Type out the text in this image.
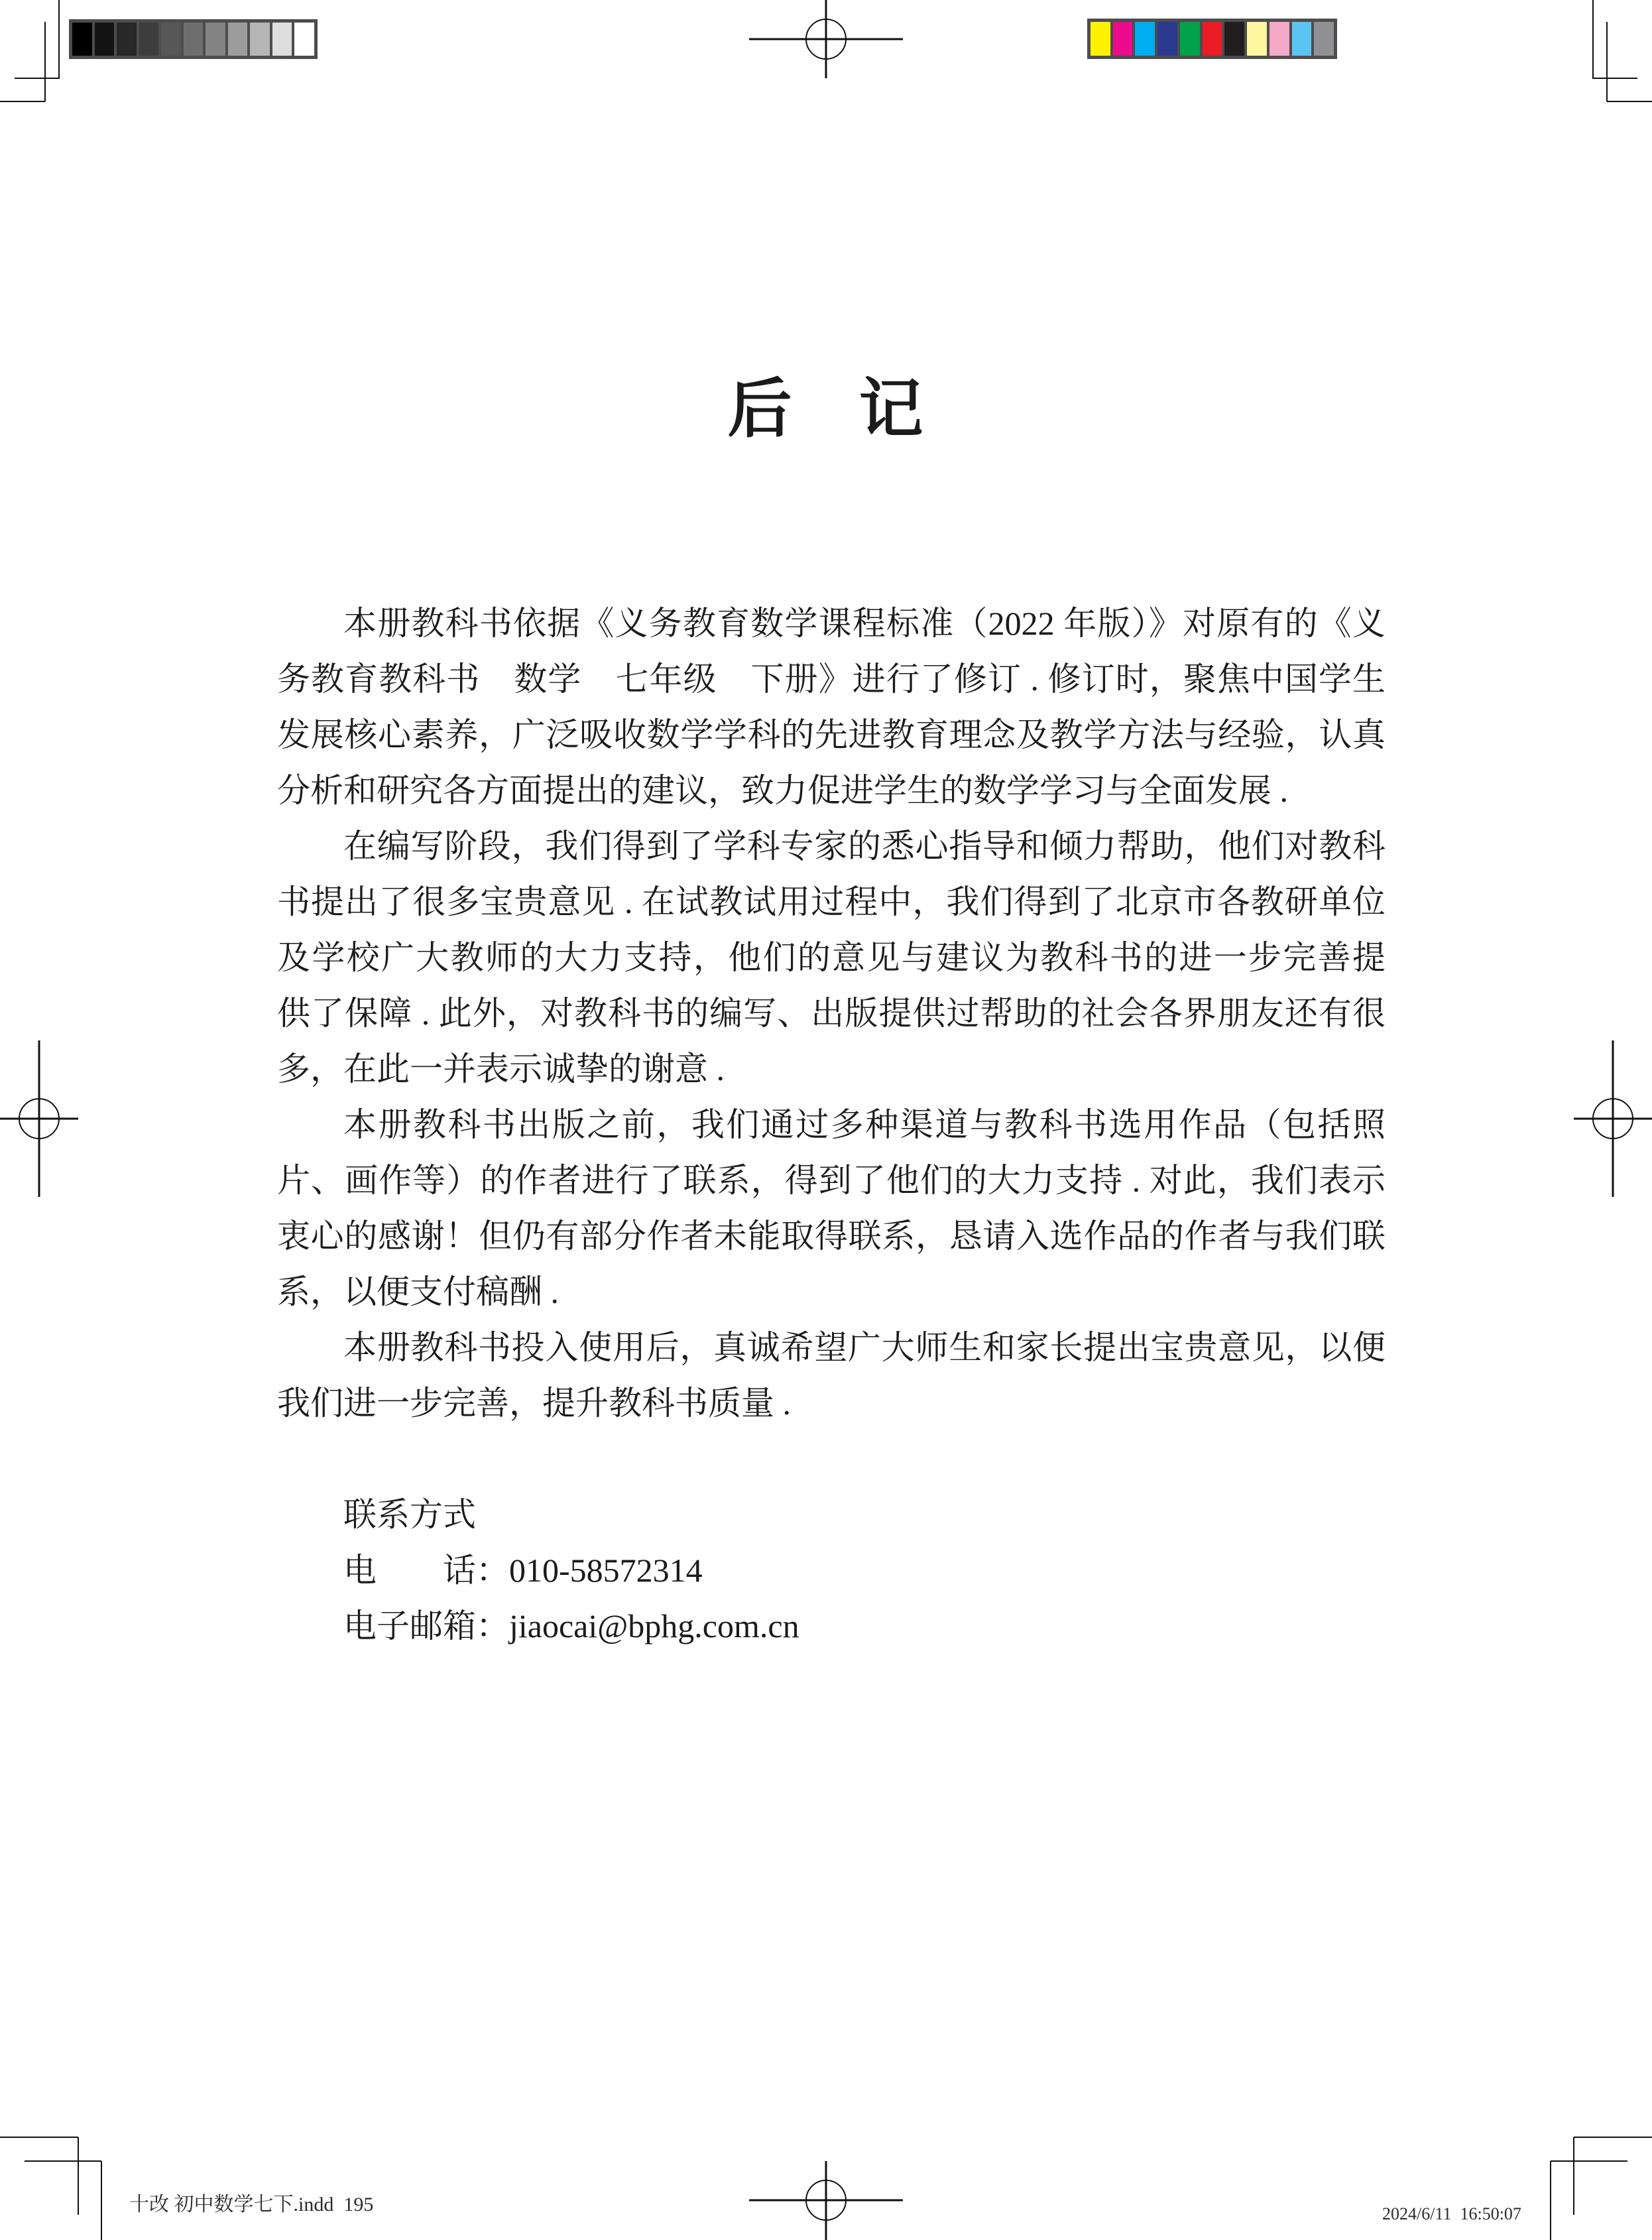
后　记
本册教科书依据《义务教育数学课程标准（2022 年版）》对原有的《义
务教育教科书　数学　七年级　下册》进行了修订 . 修订时，聚焦中国学生
发展核心素养，广泛吸收数学学科的先进教育理念及教学方法与经验，认真
分析和研究各方面提出的建议，致力促进学生的数学学习与全面发展 .
在编写阶段，我们得到了学科专家的悉心指导和倾力帮助，他们对教科
书提出了很多宝贵意见 . 在试教试用过程中，我们得到了北京市各教研单位
及学校广大教师的大力支持，他们的意见与建议为教科书的进一步完善提
供了保障 . 此外，对教科书的编写、出版提供过帮助的社会各界朋友还有很
多，在此一并表示诚挚的谢意 .
本册教科书出版之前，我们通过多种渠道与教科书选用作品（包括照
片、画作等）的作者进行了联系，得到了他们的大力支持 . 对此，我们表示
衷心的感谢！但仍有部分作者未能取得联系，恳请入选作品的作者与我们联
系，以便支付稿酬 .
本册教科书投入使用后，真诚希望广大师生和家长提出宝贵意见，以便
我们进一步完善，提升教科书质量 .
联系方式
电　　话：010-58572314
电子邮箱：jiaocai@bphg.com.cn
十改 初中数学七下.indd  195	2024/6/11  16:50:07
